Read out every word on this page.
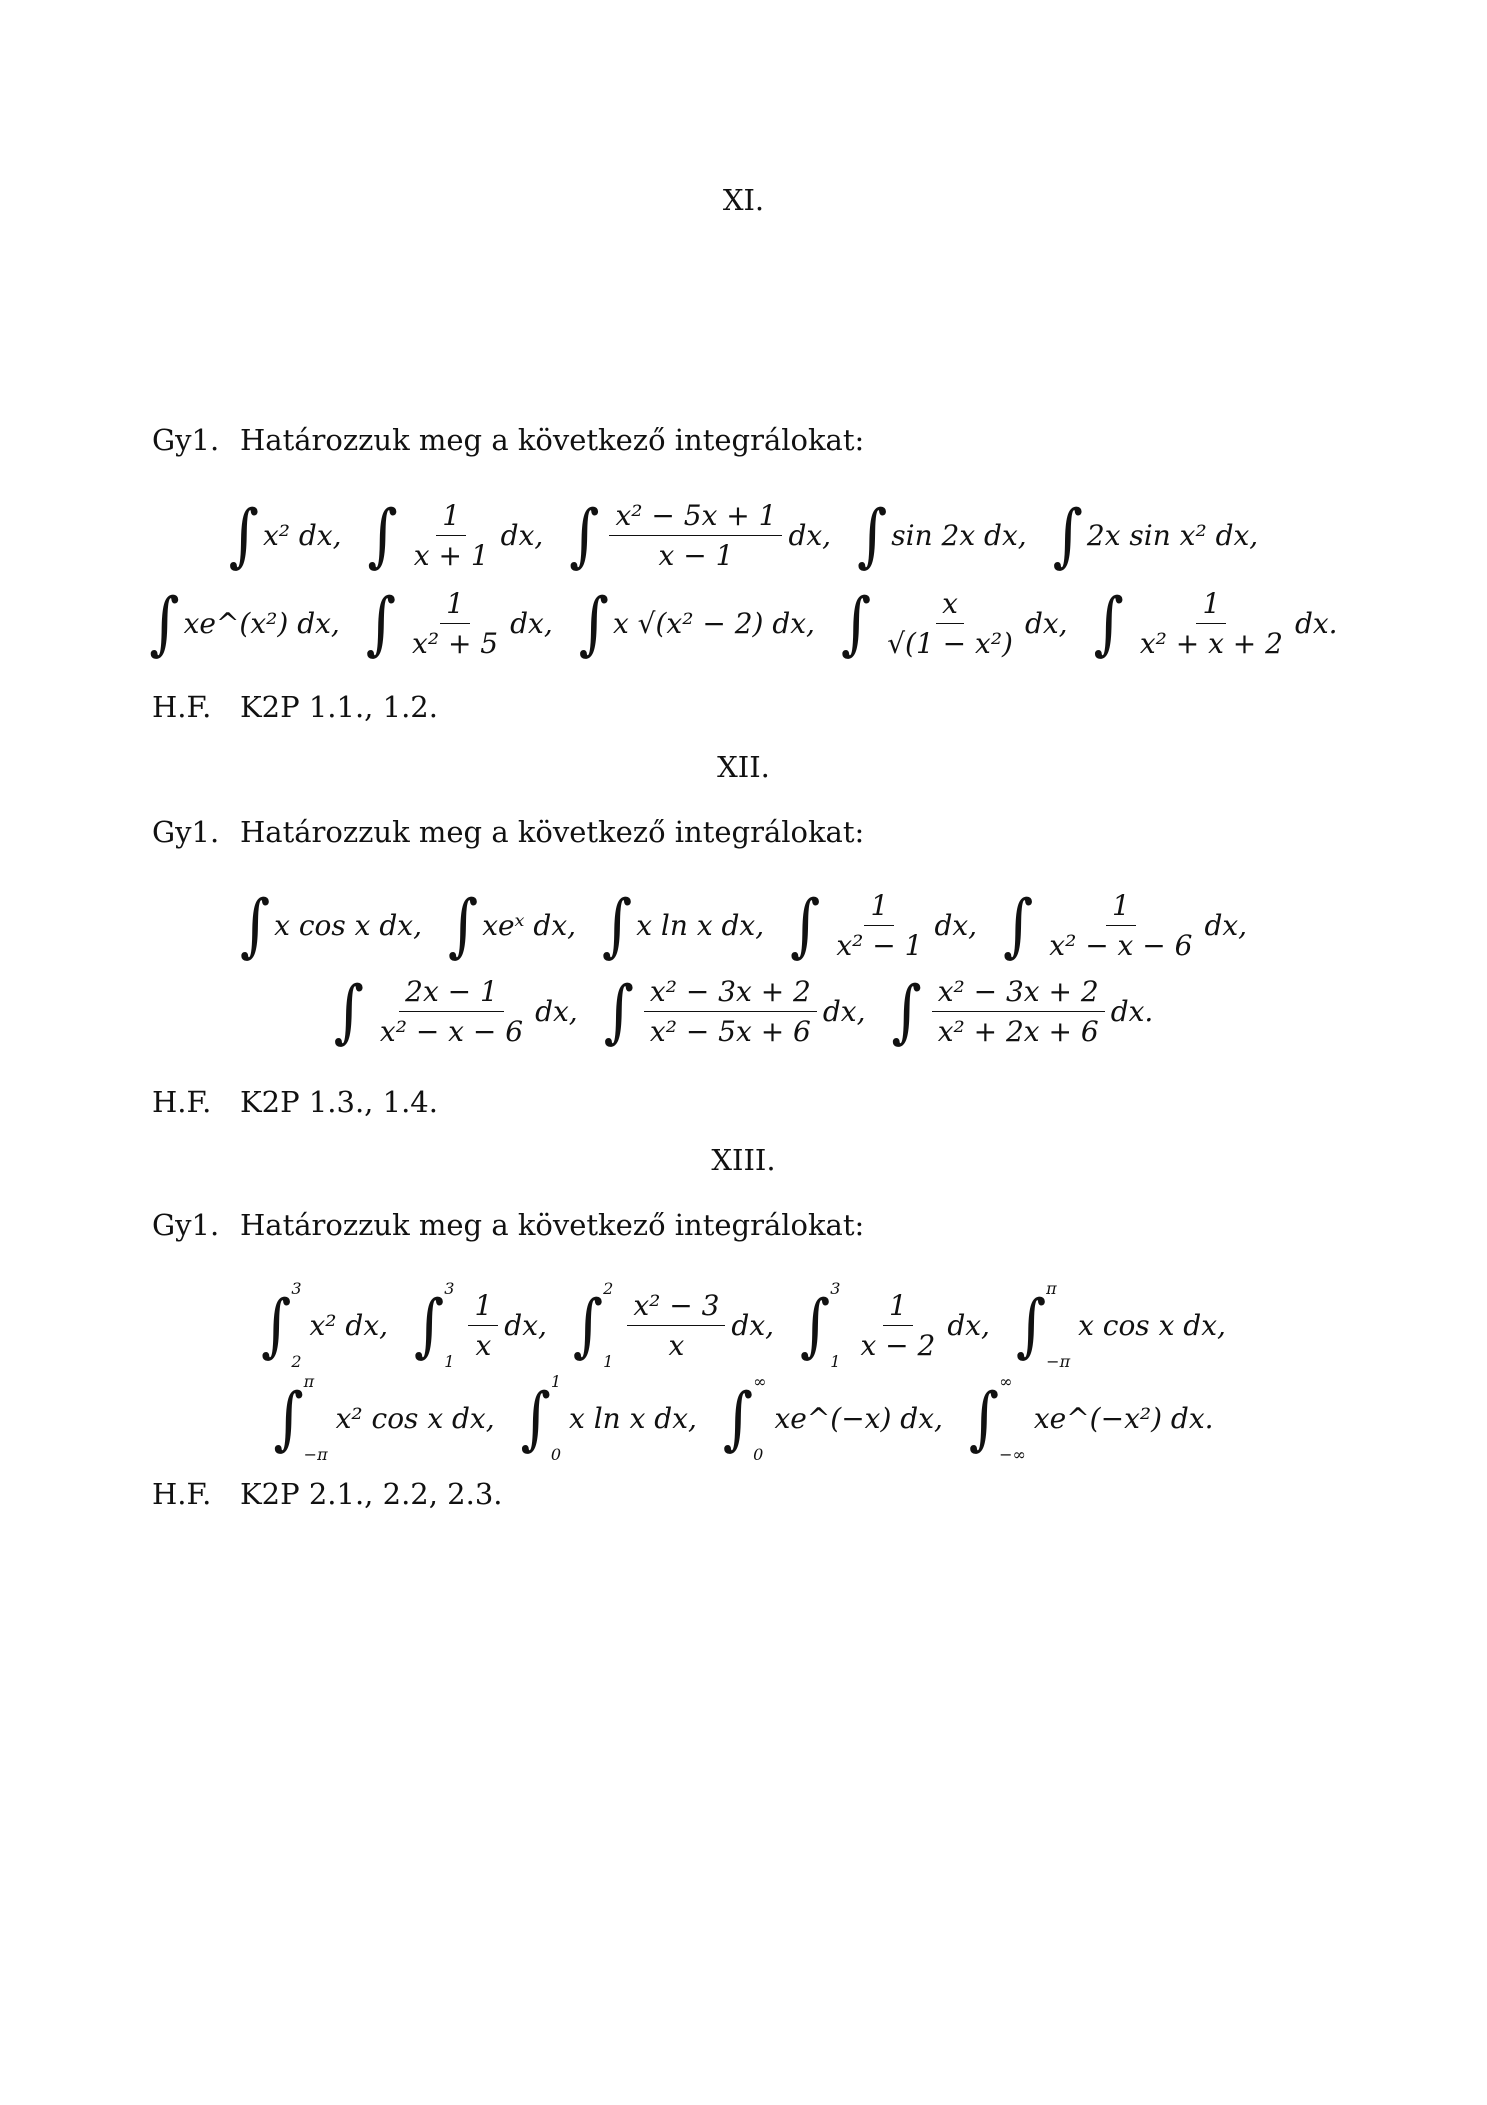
XI.
Gy1. Határozzuk meg a következő integrálokat:
∫ x² dx, ∫ $\frac{1}{x + 1}$ dx, ∫ $\frac{\text{x² − 5x + 1}}{x - 1}$ dx, ∫ sin 2x dx, ∫ 2x sin x² dx,
∫ xe^(x²) dx, ∫ $\frac{1}{\text{x² + 5}}$ dx, ∫ x √(x² − 2) dx, ∫ $\frac{x}{\text{√(1 − x²)}}$ dx, ∫ $\frac{1}{\text{x² + x + 2}}$ dx.
H.F. K2P 1.1., 1.2.
XII.
Gy1. Határozzuk meg a következő integrálokat:
∫ x cos x dx, ∫ xeˣ dx, ∫ x ln x dx, ∫ $\frac{1}{\text{x² − 1}}$ dx, ∫ $\frac{1}{\text{x² − x − 6}}$ dx,
∫ $\frac{2x - 1}{\text{x² − x − 6}}$ dx, ∫ $\frac{\text{x² − 3x + 2}}{\text{x² − 5x + 6}}$ dx, ∫ $\frac{\text{x² − 3x + 2}}{\text{x² + 2x + 6}}$ dx.
H.F. K2P 1.3., 1.4.
XIII.
Gy1. Határozzuk meg a következő integrálokat:
∫ 3
2
x² dx, ∫ 3
$1 \frac{1}{x}$ dx, ∫ 2
$1 \frac{\text{x² − 3}}{x}$ dx, ∫ 3
$1 \frac{1}{x - 2}$ dx, ∫ π
−π
x cos x dx,
∫ π
−π
x² cos x dx, ∫ 1
0
x ln x dx, ∫ ∞
0
xe^(−x) dx, ∫ ∞
−∞
xe^(−x²) dx.
H.F. K2P 2.1., 2.2, 2.3.
